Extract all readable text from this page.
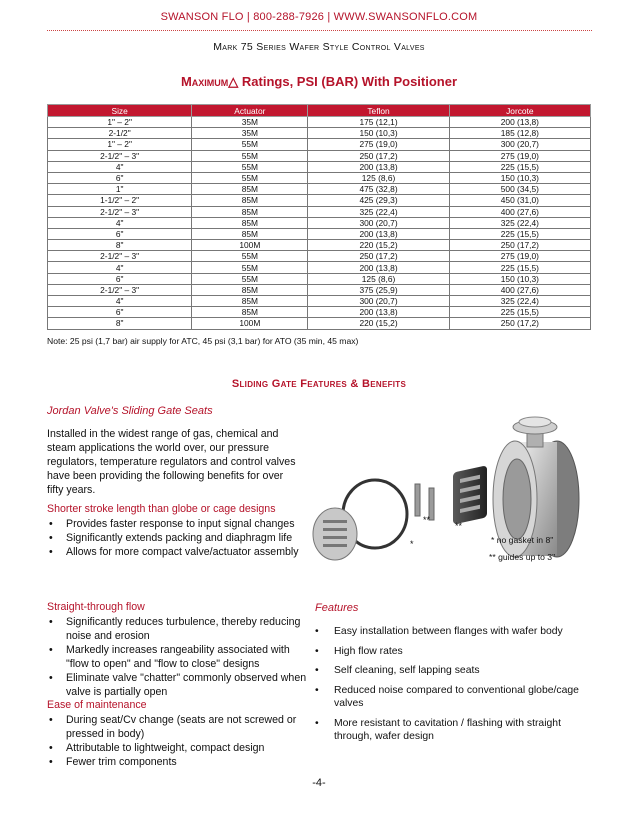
SWANSON FLO | 800-288-7926 | WWW.SWANSONFLO.COM
Mark 75 Series Wafer Style Control Valves
Maximum△ Ratings, PSI (BAR) With Positioner
Size	Actuator	Teflon	Jorcote
1" – 2"	35M	175 (12,1)	200 (13,8)
2-1/2"	35M	150 (10,3)	185 (12,8)
1" – 2"	55M	275 (19,0)	300 (20,7)
2-1/2" – 3"	55M	250 (17,2)	275 (19,0)
4"	55M	200 (13,8)	225 (15,5)
6"	55M	125 (8,6)	150 (10,3)
1"	85M	475 (32,8)	500 (34,5)
1-1/2" – 2"	85M	425 (29,3)	450 (31,0)
2-1/2" – 3"	85M	325 (22,4)	400 (27,6)
4"	85M	300 (20,7)	325 (22,4)
6"	85M	200 (13,8)	225 (15,5)
8"	100M	220 (15,2)	250 (17,2)
2-1/2" – 3"	55M	250 (17,2)	275 (19,0)
4"	55M	200 (13,8)	225 (15,5)
6"	55M	125 (8,6)	150 (10,3)
2-1/2" – 3"	85M	375 (25,9)	400 (27,6)
4"	85M	300 (20,7)	325 (22,4)
6"	85M	200 (13,8)	225 (15,5)
8"	100M	220 (15,2)	250 (17,2)
Note: 25 psi (1,7 bar) air supply for ATC, 45 psi (3,1 bar) for ATO (35 min, 45 max)
Sliding Gate Features & Benefits
Jordan Valve's Sliding Gate Seats
Installed in the widest range of gas, chemical and steam applications the world over, our pressure regulators, temperature regulators and control valves have been providing the following benefits for over fifty years.
Shorter stroke length than globe or cage designs
• Provides faster response to input signal changes
• Significantly extends packing and diaphragm life
• Allows for more compact valve/actuator assembly
Straight-through flow
• Significantly reduces turbulence, thereby reducing noise and erosion
• Markedly increases rangeability associated with "flow to open" and "flow to close" designs
• Eliminate valve "chatter" commonly observed when valve is partially open
Ease of maintenance
• During seat/Cv change (seats are not screwed or pressed in body)
• Attributable to lightweight, compact design
• Fewer trim components
*
**
**
* no gasket in 8"
** guides up to 3"
Features
• Easy installation between flanges with wafer body
• High flow rates
• Self cleaning, self lapping seats
• Reduced noise compared to conventional globe/cage valves
• More resistant to cavitation / flashing with straight through, wafer design
-4-
